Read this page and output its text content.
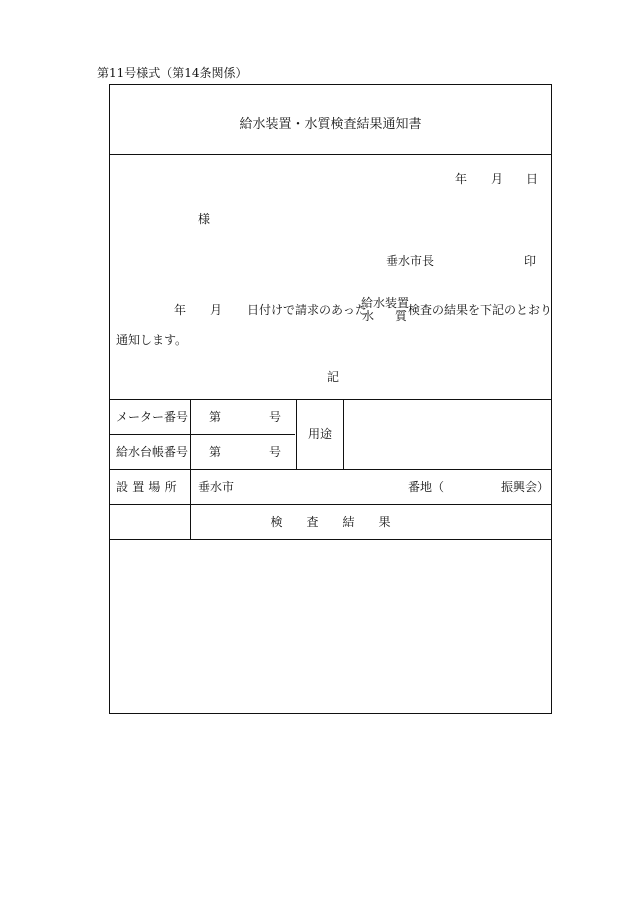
第11号様式（第14条関係）
給水装置・水質検査結果通知書
年 月 日
様
垂水市長	印
年 月 日付けで請求のあった
給水装置
水 質 検査の結果を下記のとおり
通知します。
記
メーター番号 第	号
給水台帳番号 第	号
用途
設 置 場 所 垂水市	番地（	振興会）
検　　査　　結　　果
